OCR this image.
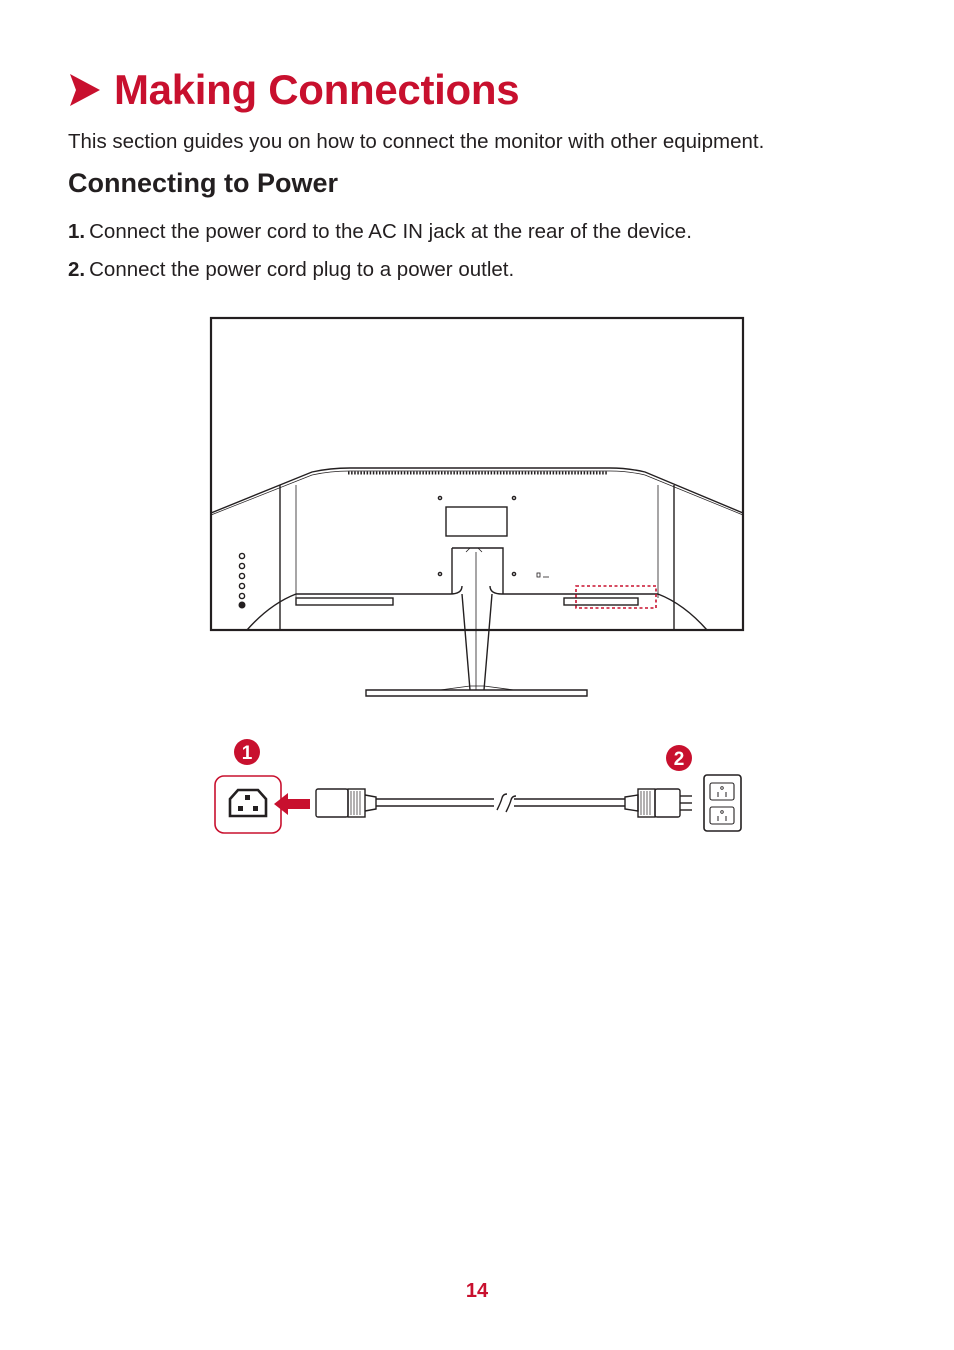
Making Connections

This section guides you on how to connect the monitor with other equipment.

Connecting to Power
1. Connect the power cord to the AC IN jack at the rear of the device.
2. Connect the power cord plug to a power outlet.
1	2
14
